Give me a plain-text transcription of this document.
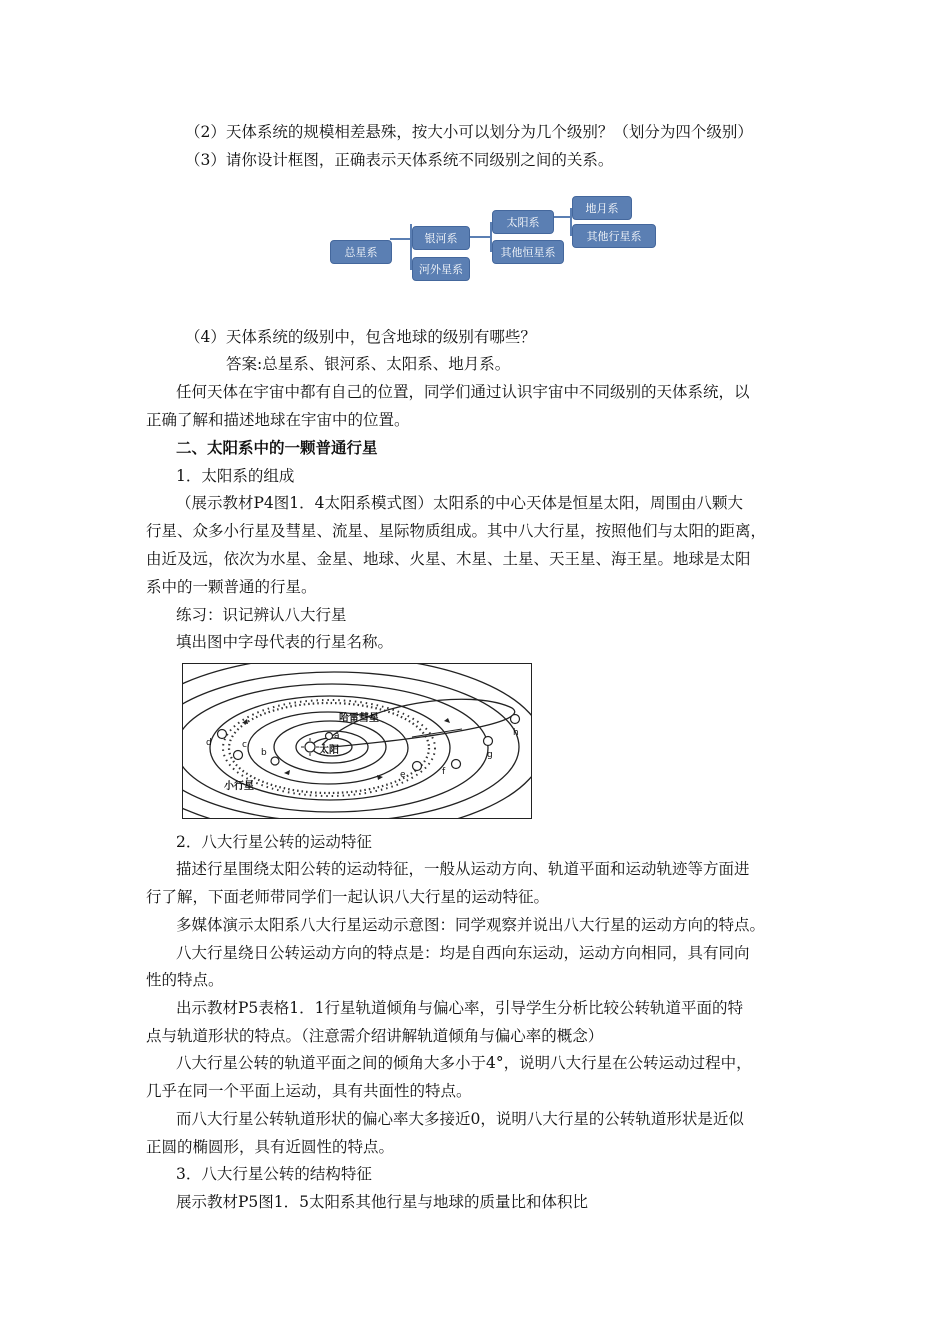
（2）天体系统的规模相差悬殊，按大小可以划分为几个级别？（划分为四个级别）
（3）请你设计框图，正确表示天体系统不同级别之间的关系。
总星系
银河系
河外星系
太阳系
其他恒星系
地月系
其他行星系
（4）天体系统的级别中，包含地球的级别有哪些？
答案:总星系、银河系、太阳系、地月系。
任何天体在宇宙中都有自己的位置，同学们通过认识宇宙中不同级别的天体系统，以
正确了解和描述地球在宇宙中的位置。
二、太阳系中的一颗普通行星
1．太阳系的组成
（展示教材P4图1．4太阳系模式图）太阳系的中心天体是恒星太阳，周围由八颗大
行星、众多小行星及彗星、流星、星际物质组成。其中八大行星，按照他们与太阳的距离，
由近及远，依次为水星、金星、地球、火星、木星、土星、天王星、海王星。地球是太阳
系中的一颗普通的行星。
练习：识记辨认八大行星
填出图中字母代表的行星名称。
哈雷彗星
太阳
小行星
a
b
c
d
e	f
g
h
2．八大行星公转的运动特征
描述行星围绕太阳公转的运动特征，一般从运动方向、轨道平面和运动轨迹等方面进
行了解，下面老师带同学们一起认识八大行星的运动特征。
多媒体演示太阳系八大行星运动示意图：同学观察并说出八大行星的运动方向的特点。
八大行星绕日公转运动方向的特点是：均是自西向东运动，运动方向相同，具有同向
性的特点。
出示教材P5表格1．1行星轨道倾角与偏心率，引导学生分析比较公转轨道平面的特
点与轨道形状的特点。（注意需介绍讲解轨道倾角与偏心率的概念）
八大行星公转的轨道平面之间的倾角大多小于4°，说明八大行星在公转运动过程中，
几乎在同一个平面上运动，具有共面性的特点。
而八大行星公转轨道形状的偏心率大多接近0，说明八大行星的公转轨道形状是近似
正圆的椭圆形，具有近圆性的特点。
3．八大行星公转的结构特征
展示教材P5图1．5太阳系其他行星与地球的质量比和体积比
